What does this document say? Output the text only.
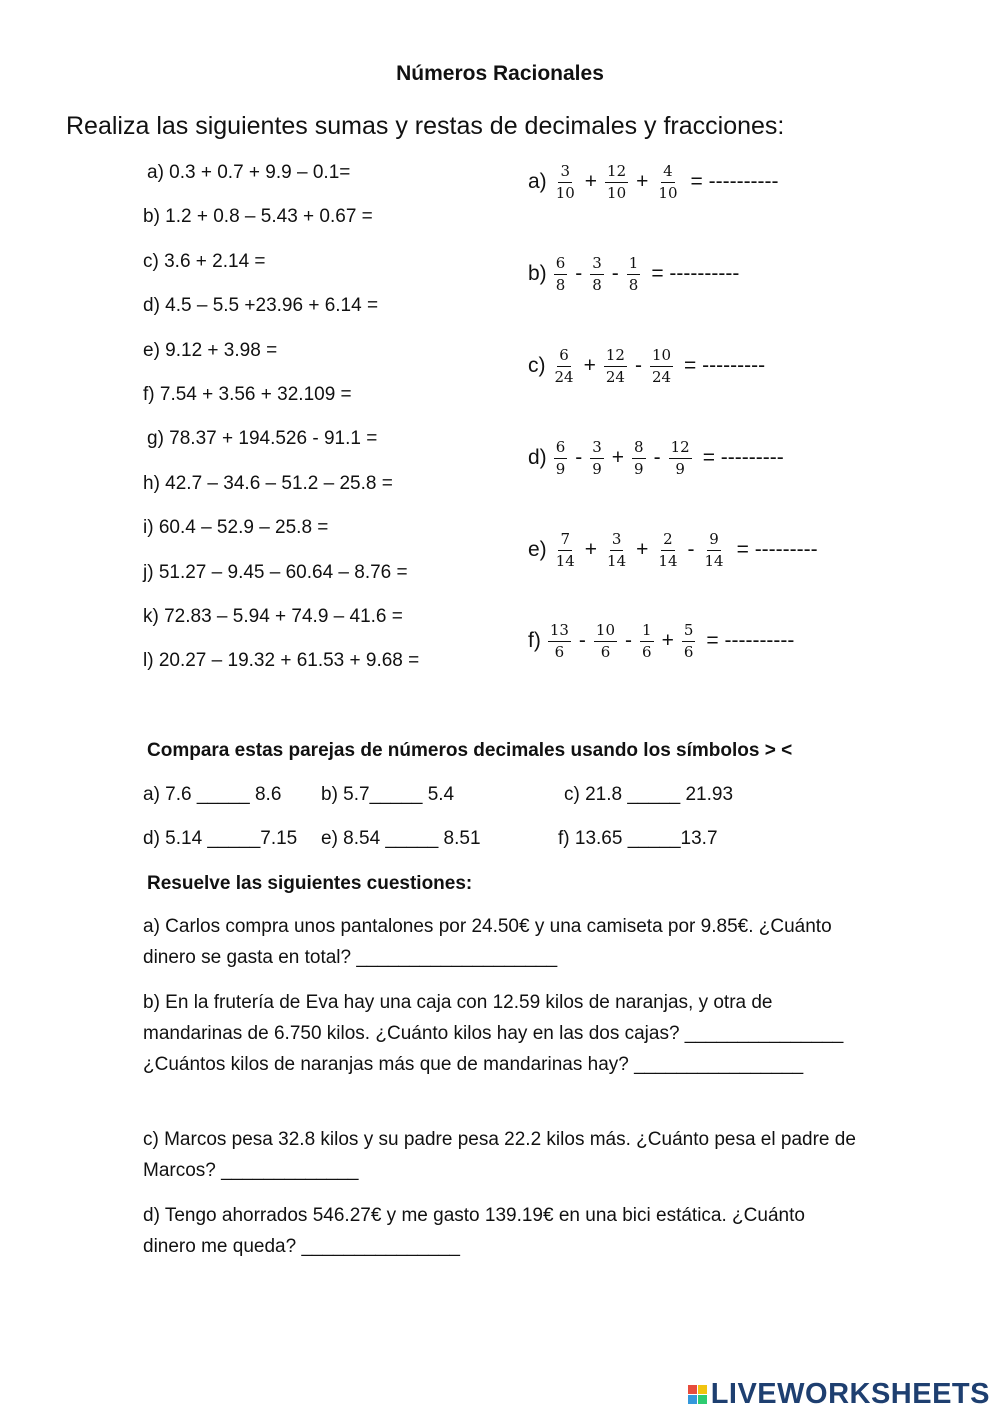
Números Racionales
Realiza las siguientes sumas y restas de decimales y fracciones:
a) 0.3 + 0.7 + 9.9 – 0.1=
b) 1.2 + 0.8 – 5.43 + 0.67 =
c) 3.6 + 2.14 =
d) 4.5 – 5.5 +23.96 + 6.14 =
e) 9.12 + 3.98 =
f) 7.54 + 3.56 + 32.109 =
g) 78.37 + 194.526 - 91.1 =
h) 42.7 – 34.6 – 51.2 – 25.8 =
i) 60.4 – 52.9 – 25.8 =
j) 51.27 – 9.45 – 60.64 – 8.76 =
k) 72.83 – 5.94 + 74.9 – 41.6 =
l) 20.27 – 19.32 + 61.53 + 9.68 =
$a) \frac{3}{10} + \frac{12}{10} + \frac{4}{10}$ = ----------
$b) \frac{6}{8} - \frac{3}{8} - \frac{1}{8}$ = ----------
$c) \frac{6}{24} + \frac{12}{24} - \frac{10}{24}$ = ---------
$d) \frac{6}{9} - \frac{3}{9} + \frac{8}{9} - \frac{12}{9}$ = ---------
$e) \frac{7}{14} + \frac{3}{14} + \frac{2}{14} - \frac{9}{14}$ = ---------
$f) \frac{13}{6} - \frac{10}{6} - \frac{1}{6} + \frac{5}{6}$ = ----------
Compara estas parejas de números decimales usando los símbolos > <
a) 7.6 _____ 8.6 b) 5.7_____ 5.4	c) 21.8 _____ 21.93
d) 5.14 _____7.15 e) 8.54 _____ 8.51	f) 13.65 _____13.7
Resuelve las siguientes cuestiones:
a) Carlos compra unos pantalones por 24.50€ y una camiseta por 9.85€. ¿Cuánto dinero se gasta en total? ___________________
b) En la frutería de Eva hay una caja con 12.59 kilos de naranjas, y otra de mandarinas de 6.750 kilos. ¿Cuánto kilos hay en las dos cajas? _______________ ¿Cuántos kilos de naranjas más que de mandarinas hay? ________________
c) Marcos pesa 32.8 kilos y su padre pesa 22.2 kilos más. ¿Cuánto pesa el padre de Marcos? _____________
d) Tengo ahorrados 546.27€ y me gasto 139.19€ en una bici estática. ¿Cuánto dinero me queda? _______________
LIVEWORKSHEETS
